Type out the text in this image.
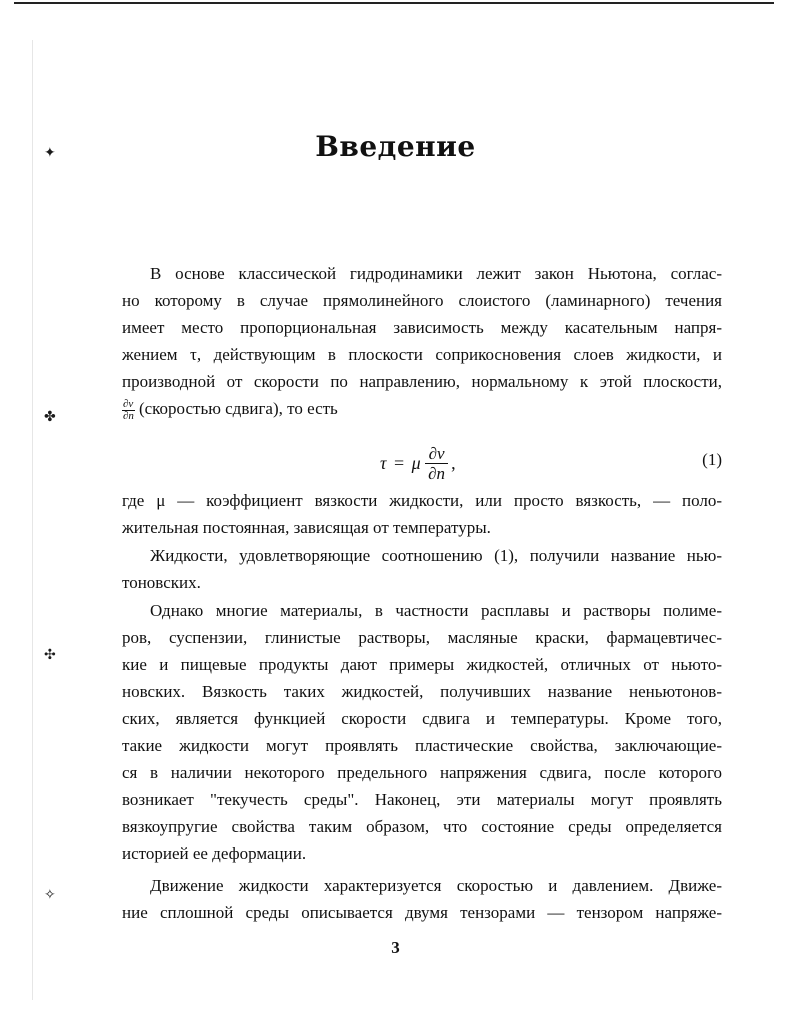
✦
✤
✣
✧
Введение
В основе классической гидродинамики лежит закон Ньютона, соглас-
но которому в случае прямолинейного слоистого (ламинарного) течения
имеет место пропорциональная зависимость между касательным напря-
жением τ, действующим в плоскости соприкосновения слоев жидкости, и
производной от скорости по направлению, нормальному к этой плоскости,
$\frac{\partial v}{\partial n}$ (скоростью сдвига), то есть
τ = μ $\frac{\partial v}{\partial n}$ ,	(1)
где μ — коэффициент вязкости жидкости, или просто вязкость, — поло-
жительная постоянная, зависящая от температуры.
Жидкости, удовлетворяющие соотношению (1), получили название нью-
тоновских.
Однако многие материалы, в частности расплавы и растворы полиме-
ров, суспензии, глинистые растворы, масляные краски, фармацевтичес-
кие и пищевые продукты дают примеры жидкостей, отличных от ньюто-
новских. Вязкость таких жидкостей, получивших название неньютонов-
ских, является функцией скорости сдвига и температуры. Кроме того,
такие жидкости могут проявлять пластические свойства, заключающие-
ся в наличии некоторого предельного напряжения сдвига, после которого
возникает "текучесть среды". Наконец, эти материалы могут проявлять
вязкоупругие свойства таким образом, что состояние среды определяется
историей ее деформации.
Движение жидкости характеризуется скоростью и давлением. Движе-
ние сплошной среды описывается двумя тензорами — тензором напряже-
3
